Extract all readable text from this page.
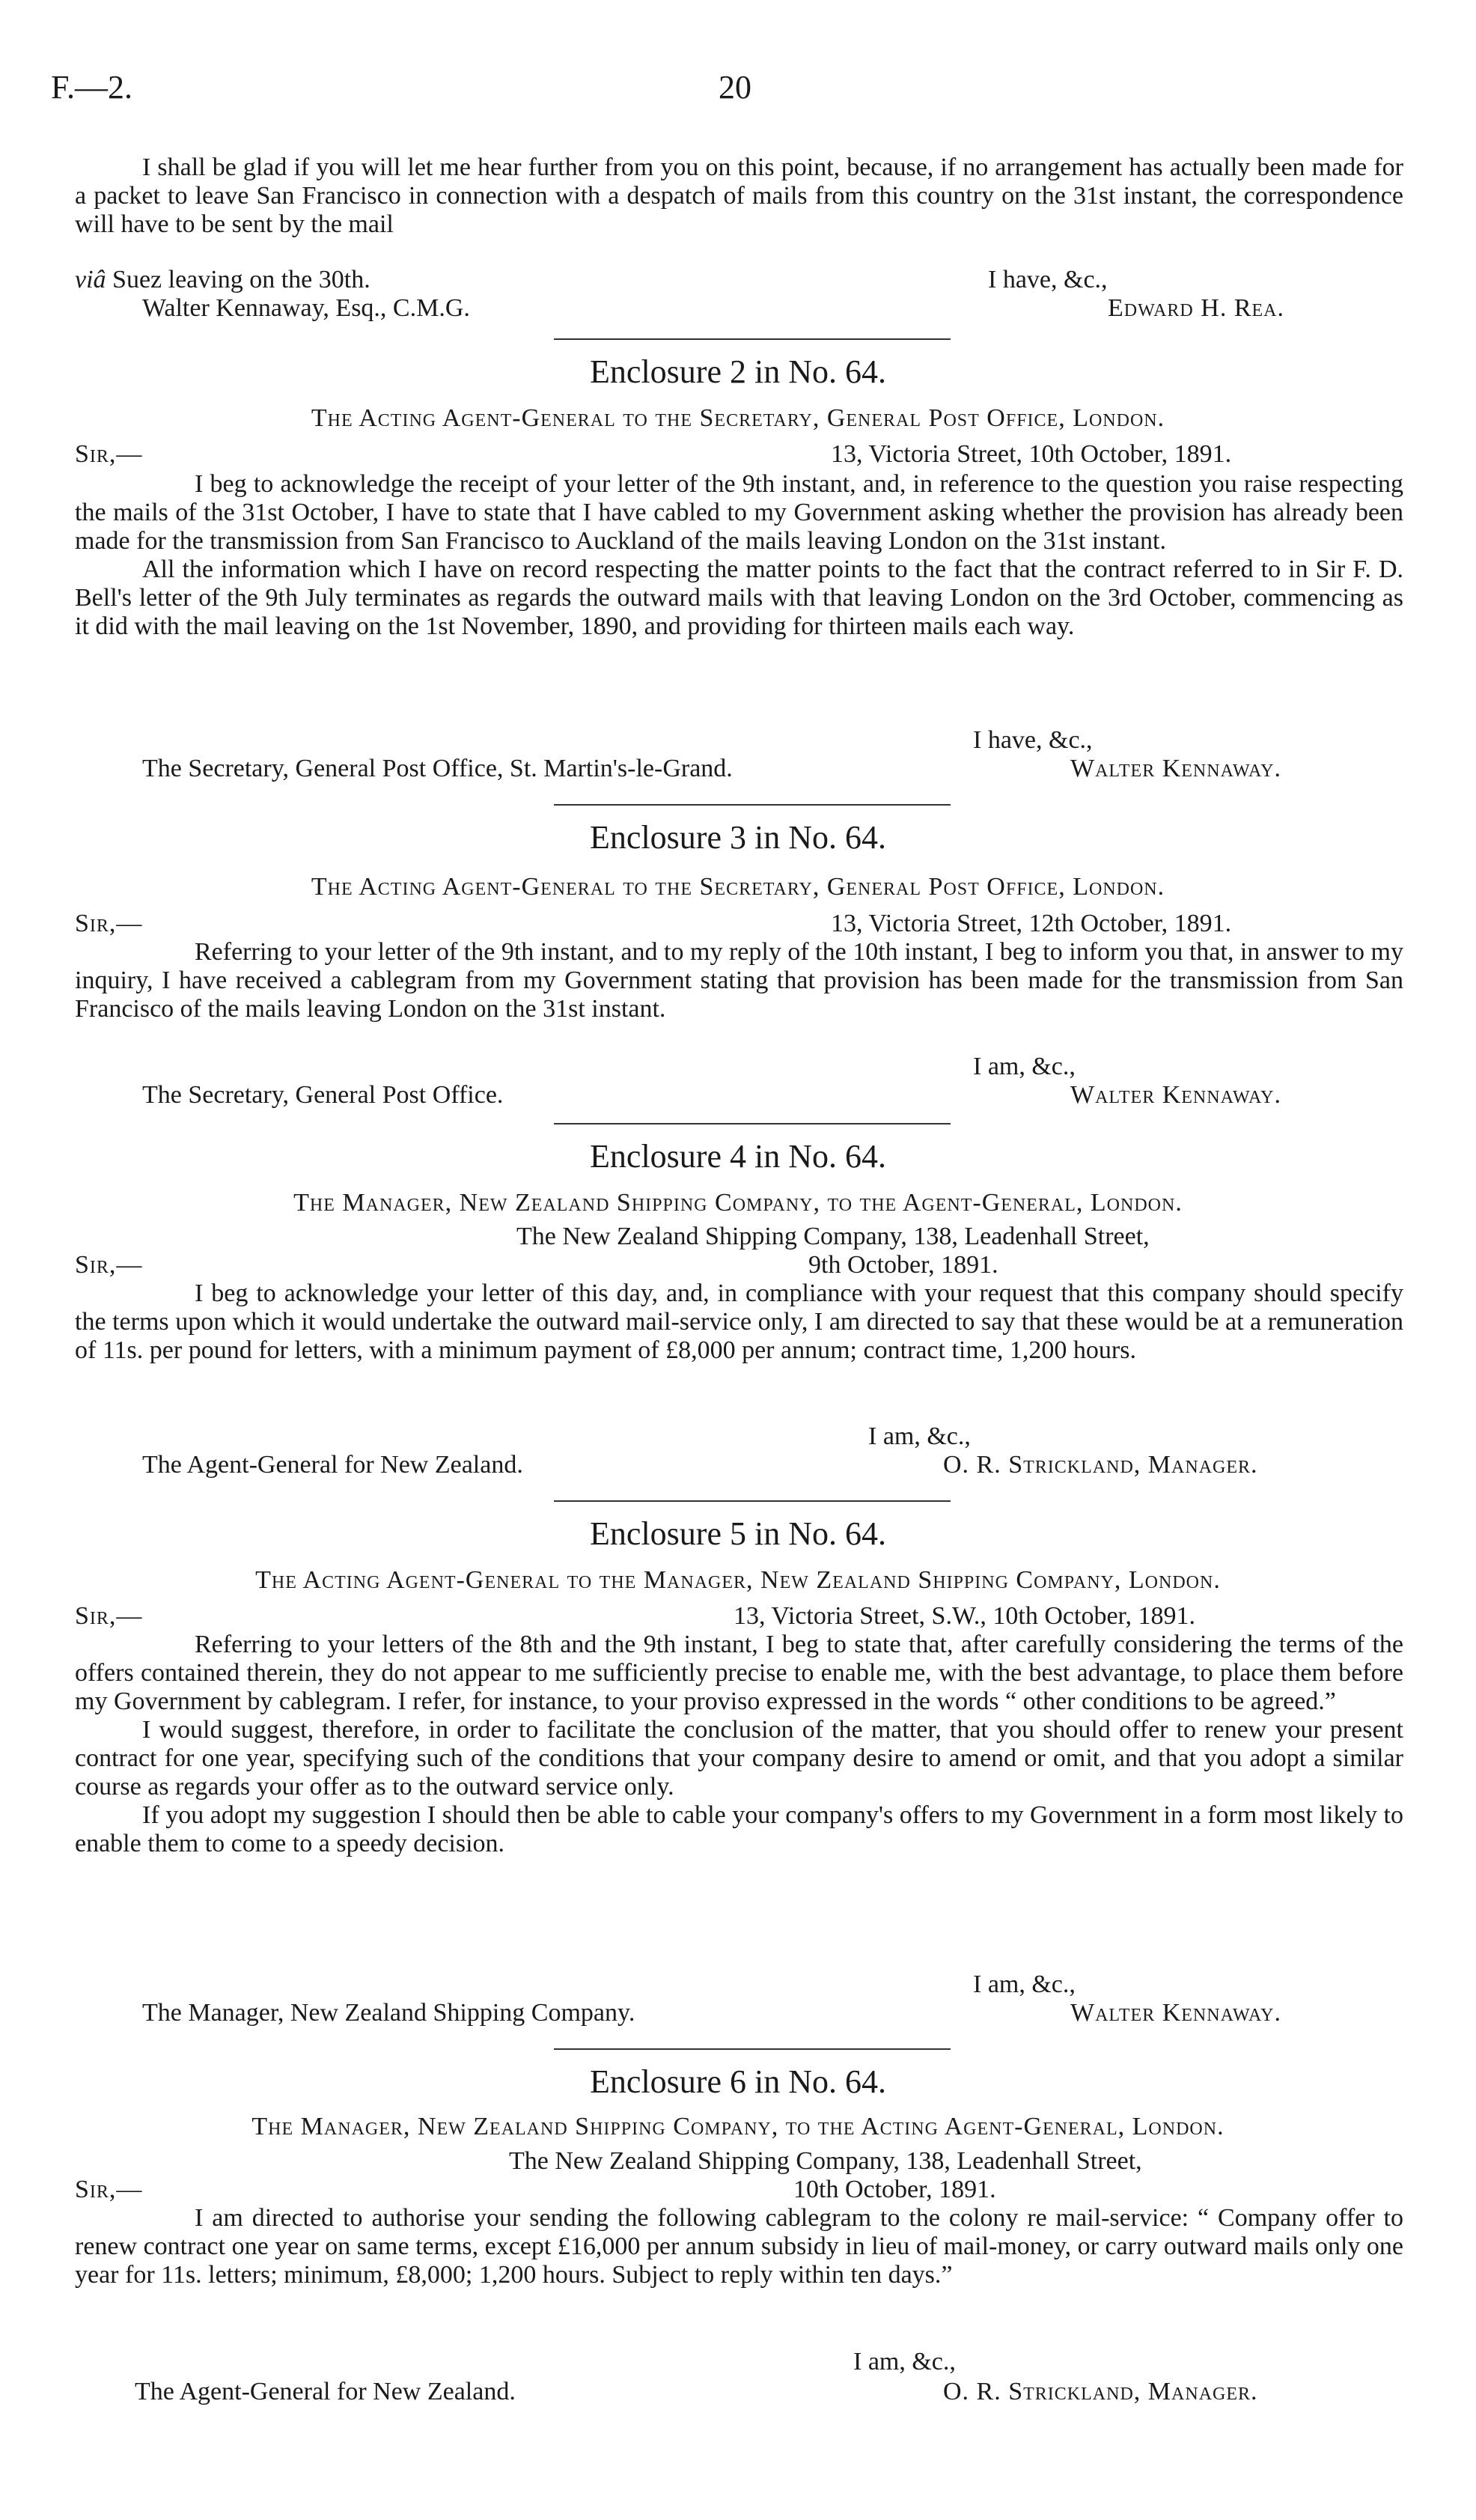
F.—2.	20

I shall be glad if you will let me hear further from you on this point, because, if no arrangement has actually been made for a packet to leave San Francisco in connection with a despatch of mails from this country on the 31st instant, the correspondence will have to be sent by the mail

viâ Suez leaving on the 30th.	I have, &c.,
Walter Kennaway, Esq., C.M.G.	Edward H. Rea.
Enclosure 2 in No. 64.
The Acting Agent-General to the Secretary, General Post Office, London.
Sir,—	13, Victoria Street, 10th October, 1891.

I beg to acknowledge the receipt of your letter of the 9th instant, and, in reference to the question you raise respecting the mails of the 31st October, I have to state that I have cabled to my Government asking whether the provision has already been made for the transmission from San Francisco to Auckland of the mails leaving London on the 31st instant.

All the information which I have on record respecting the matter points to the fact that the contract referred to in Sir F. D. Bell's letter of the 9th July terminates as regards the outward mails with that leaving London on the 3rd October, commencing as it did with the mail leaving on the 1st November, 1890, and providing for thirteen mails each way.

I have, &c.,
The Secretary, General Post Office, St. Martin's-le-Grand.	Walter Kennaway.
Enclosure 3 in No. 64.
The Acting Agent-General to the Secretary, General Post Office, London.
Sir,—	13, Victoria Street, 12th October, 1891.

Referring to your letter of the 9th instant, and to my reply of the 10th instant, I beg to inform you that, in answer to my inquiry, I have received a cablegram from my Government stating that provision has been made for the transmission from San Francisco of the mails leaving London on the 31st instant.

I am, &c.,
The Secretary, General Post Office.	Walter Kennaway.
Enclosure 4 in No. 64.
The Manager, New Zealand Shipping Company, to the Agent-General, London.
The New Zealand Shipping Company, 138, Leadenhall Street,
Sir,—	9th October, 1891.

I beg to acknowledge your letter of this day, and, in compliance with your request that this company should specify the terms upon which it would undertake the outward mail-service only, I am directed to say that these would be at a remuneration of 11s. per pound for letters, with a minimum payment of £8,000 per annum; contract time, 1,200 hours.

I am, &c.,
The Agent-General for New Zealand.	O. R. Strickland, Manager.
Enclosure 5 in No. 64.
The Acting Agent-General to the Manager, New Zealand Shipping Company, London.
Sir,—	13, Victoria Street, S.W., 10th October, 1891.

Referring to your letters of the 8th and the 9th instant, I beg to state that, after carefully considering the terms of the offers contained therein, they do not appear to me sufficiently precise to enable me, with the best advantage, to place them before my Government by cablegram. I refer, for instance, to your proviso expressed in the words “ other conditions to be agreed.”

I would suggest, therefore, in order to facilitate the conclusion of the matter, that you should offer to renew your present contract for one year, specifying such of the conditions that your company desire to amend or omit, and that you adopt a similar course as regards your offer as to the outward service only.

If you adopt my suggestion I should then be able to cable your company's offers to my Government in a form most likely to enable them to come to a speedy decision.

I am, &c.,
The Manager, New Zealand Shipping Company.	Walter Kennaway.
Enclosure 6 in No. 64.
The Manager, New Zealand Shipping Company, to the Acting Agent-General, London.
The New Zealand Shipping Company, 138, Leadenhall Street,
Sir,—	10th October, 1891.

I am directed to authorise your sending the following cablegram to the colony re mail-service: “ Company offer to renew contract one year on same terms, except £16,000 per annum subsidy in lieu of mail-money, or carry outward mails only one year for 11s. letters; minimum, £8,000; 1,200 hours. Subject to reply within ten days.”

I am, &c.,
The Agent-General for New Zealand.	O. R. Strickland, Manager.
